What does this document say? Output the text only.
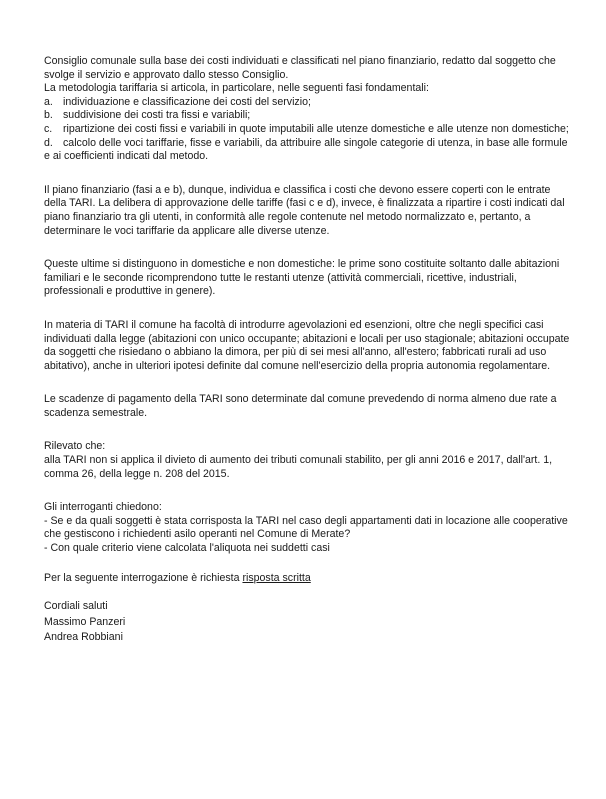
Consiglio comunale sulla base dei costi individuati e classificati nel piano finanziario, redatto dal soggetto che svolge il servizio e approvato dallo stesso Consiglio.

La metodologia tariffaria si articola, in particolare, nelle seguenti fasi fondamentali:

a. individuazione e classificazione dei costi del servizio;
b. suddivisione dei costi tra fissi e variabili;
c. ripartizione dei costi fissi e variabili in quote imputabili alle utenze domestiche e alle utenze non domestiche;
d. calcolo delle voci tariffarie, fisse e variabili, da attribuire alle singole categorie di utenza, in base alle formule e ai coefficienti indicati dal metodo.

Il piano finanziario (fasi a e b), dunque, individua e classifica i costi che devono essere coperti con le entrate della TARI. La delibera di approvazione delle tariffe (fasi c e d), invece, è finalizzata a ripartire i costi indicati dal piano finanziario tra gli utenti, in conformità alle regole contenute nel metodo normalizzato e, pertanto, a determinare le voci tariffarie da applicare alle diverse utenze.

Queste ultime si distinguono in domestiche e non domestiche: le prime sono costituite soltanto dalle abitazioni familiari e le seconde ricomprendono tutte le restanti utenze (attività commerciali, ricettive, industriali, professionali e produttive in genere).

In materia di TARI il comune ha facoltà di introdurre agevolazioni ed esenzioni, oltre che negli specifici casi individuati dalla legge (abitazioni con unico occupante; abitazioni e locali per uso stagionale; abitazioni occupate da soggetti che risiedano o abbiano la dimora, per più di sei mesi all'anno, all'estero; fabbricati rurali ad uso abitativo), anche in ulteriori ipotesi definite dal comune nell'esercizio della propria autonomia regolamentare.

Le scadenze di pagamento della TARI sono determinate dal comune prevedendo di norma almeno due rate a scadenza semestrale.

Rilevato che:

alla TARI non si applica il divieto di aumento dei tributi comunali stabilito, per gli anni 2016 e 2017, dall'art. 1, comma 26, della legge n. 208 del 2015.

Gli interroganti chiedono:

- Se e da quali soggetti è stata corrisposta la TARI nel caso degli appartamenti dati in locazione alle cooperative che gestiscono i richiedenti asilo operanti nel Comune di Merate?

- Con quale criterio viene calcolata l'aliquota nei suddetti casi

Per la seguente interrogazione è richiesta risposta scritta

Cordiali saluti

Massimo Panzeri

Andrea Robbiani
